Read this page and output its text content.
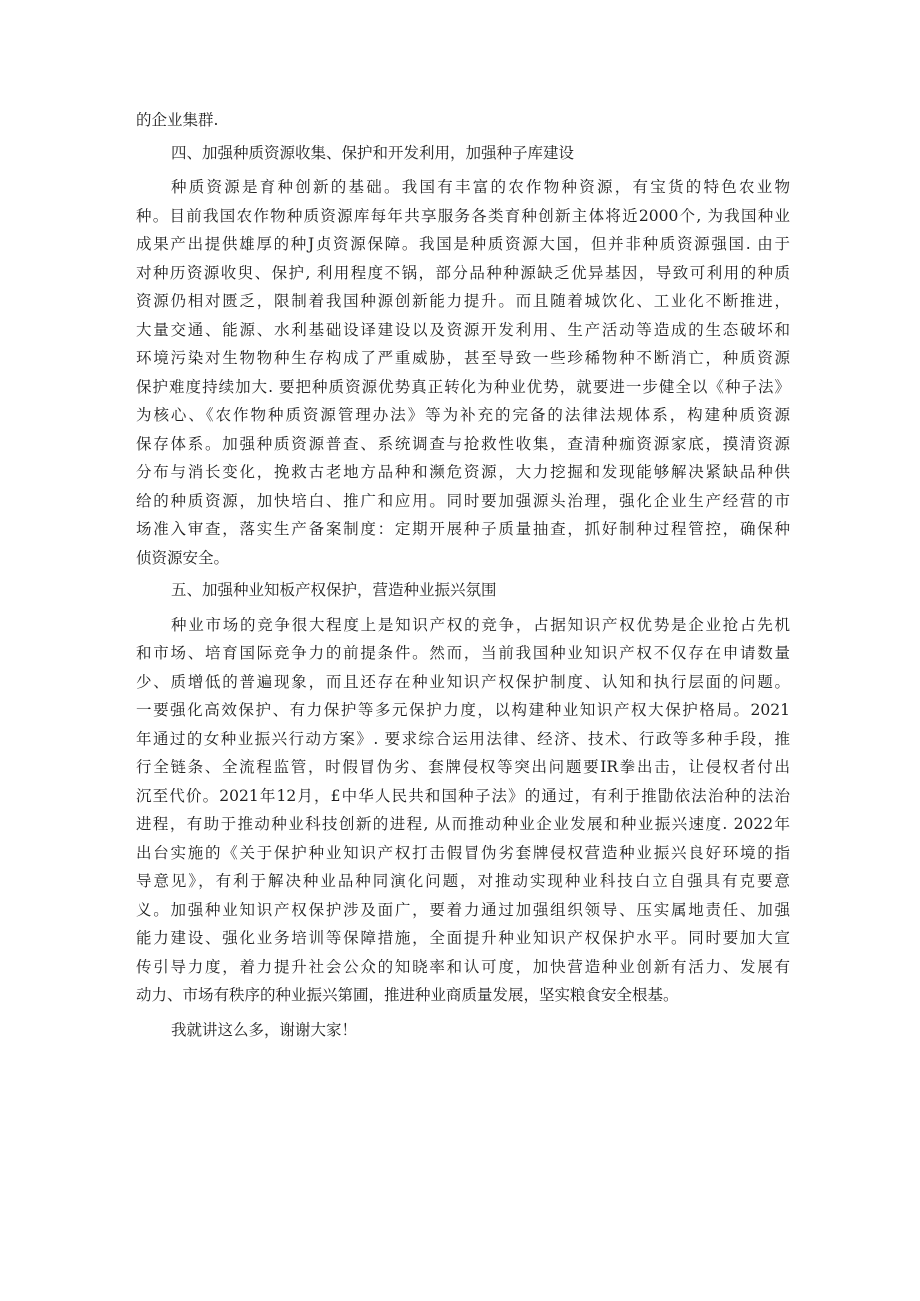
的企业集群.
四、加强种质资源收集、保护和开发利用，加强种子库建设
种质资源是育种创新的基础。我国有丰富的农作物种资源，有宝货的特色农业物
种。目前我国农作物种质资源库每年共享服务各类育种创新主体将近2000个, 为我国种业
成果产出提供雄厚的种J贞资源保障。我国是种质资源大国，但并非种质资源强国. 由于
对种历资源收臾、保护, 利用程度不锅，部分品种种源缺乏优异基因，导致可利用的种质
资源仍相对匮乏，限制着我国种源创新能力提升。而且随着城饮化、工业化不断推进，
大量交通、能源、水利基础设译建设以及资源开发利用、生产活动等造成的生态破坏和
环境污染对生物物种生存构成了严重威胁，甚至导致一些珍稀物种不断消亡，种质资源
保护难度持续加大. 要把种质资源优势真正转化为种业优势，就要进一步健全以《种子法》
为核心、《农作物种质资源管理办法》等为补充的完备的法律法规体系，构建种质资源
保存体系。加强种质资源普查、系统调查与抢救性收集，查清种痂资源家底，摸清资源
分布与消长变化，挽救古老地方品种和濒危资源，大力挖掘和发现能够解决紧缺品种供
给的种质资源，加快培白、推广和应用。同时要加强源头治理，强化企业生产经营的市
场准入审查，落实生产备案制度：定期开展种子质量抽查，抓好制种过程管控，确保种
侦资源安全。
五、加强种业知板产权保护，营造种业振兴氛围
种业市场的竞争很大程度上是知识产权的竞争，占据知识产权优势是企业抢占先机
和市场、培育国际竞争力的前提条件。然而，当前我国种业知识产权不仅存在申请数量
少、质增低的普遍现象，而且还存在种业知识产权保护制度、认知和执行层面的问题。
一要强化高效保护、有力保护等多元保护力度，以构建种业知识产权大保护格局。2021
年通过的女种业振兴行动方案》. 要求综合运用法律、经济、技术、行政等多种手段，推
行全链条、全流程监管，时假冒伪劣、套牌侵权等突出问题要IR拳出击，让侵权者付出
沉至代价。2021年12月，£中华人民共和国种子法》的通过，有利于推勖依法治种的法治
进程，有助于推动种业科技创新的进程, 从而推动种业企业发展和种业振兴速度. 2022年
出台实施的《关于保护种业知识产权打击假冒伪劣套牌侵权营造种业振兴良好环境的指
导意见》，有利于解决种业品种同演化问题，对推动实现种业科技白立自强具有克要意
义。加强种业知识产权保护涉及面广，要着力通过加强组织领导、压实属地责任、加强
能力建设、强化业务培训等保障措施，全面提升种业知识产权保护水平。同时要加大宣
传引导力度，着力提升社会公众的知晓率和认可度，加快营造种业创新有活力、发展有
动力、市场有秩序的种业振兴第圃，推进种业商质量发展，坚实粮食安全根基。
我就讲这么多，谢谢大家！
